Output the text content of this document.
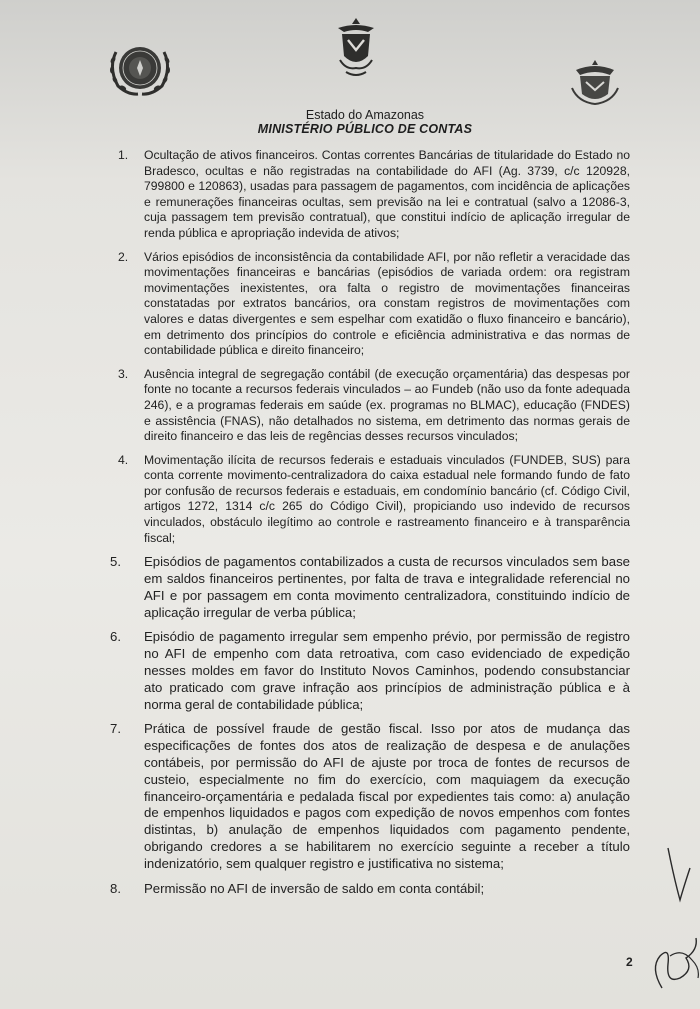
Estado do Amazonas
MINISTÉRIO PÚBLICO DE CONTAS
1. Ocultação de ativos financeiros. Contas correntes Bancárias de titularidade do Estado no Bradesco, ocultas e não registradas na contabilidade do AFI (Ag. 3739, c/c 120928, 799800 e 120863), usadas para passagem de pagamentos, com incidência de aplicações e remunerações financeiras ocultas, sem previsão na lei e contratual (salvo a 12086-3, cuja passagem tem previsão contratual), que constitui indício de aplicação irregular de renda pública e apropriação indevida de ativos;
2. Vários episódios de inconsistência da contabilidade AFI, por não refletir a veracidade das movimentações financeiras e bancárias (episódios de variada ordem: ora registram movimentações inexistentes, ora falta o registro de movimentações financeiras constatadas por extratos bancários, ora constam registros de movimentações com valores e datas divergentes e sem espelhar com exatidão o fluxo financeiro e bancário), em detrimento dos princípios do controle e eficiência administrativa e das normas de contabilidade pública e direito financeiro;
3. Ausência integral de segregação contábil (de execução orçamentária) das despesas por fonte no tocante a recursos federais vinculados – ao Fundeb (não uso da fonte adequada 246), e a programas federais em saúde (ex. programas no BLMAC), educação (FNDES) e assistência (FNAS), não detalhados no sistema, em detrimento das normas gerais de direito financeiro e das leis de regências desses recursos vinculados;
4. Movimentação ilícita de recursos federais e estaduais vinculados (FUNDEB, SUS) para conta corrente movimento-centralizadora do caixa estadual nele formando fundo de fato por confusão de recursos federais e estaduais, em condomínio bancário (cf. Código Civil, artigos 1272, 1314 c/c 265 do Código Civil), propiciando uso indevido de recursos vinculados, obstáculo ilegítimo ao controle e rastreamento financeiro e à transparência fiscal;
5. Episódios de pagamentos contabilizados a custa de recursos vinculados sem base em saldos financeiros pertinentes, por falta de trava e integralidade referencial no AFI e por passagem em conta movimento centralizadora, constituindo indício de aplicação irregular de verba pública;
6. Episódio de pagamento irregular sem empenho prévio, por permissão de registro no AFI de empenho com data retroativa, com caso evidenciado de expedição nesses moldes em favor do Instituto Novos Caminhos, podendo consubstanciar ato praticado com grave infração aos princípios de administração pública e à norma geral de contabilidade pública;
7. Prática de possível fraude de gestão fiscal. Isso por atos de mudança das especificações de fontes dos atos de realização de despesa e de anulações contábeis, por permissão do AFI de ajuste por troca de fontes de recursos de custeio, especialmente no fim do exercício, com maquiagem da execução financeiro-orçamentária e pedalada fiscal por expedientes tais como: a) anulação de empenhos liquidados e pagos com expedição de novos empenhos com fontes distintas, b) anulação de empenhos liquidados com pagamento pendente, obrigando credores a se habilitarem no exercício seguinte a receber a título indenizatório, sem qualquer registro e justificativa no sistema;
8. Permissão no AFI de inversão de saldo em conta contábil;
2
